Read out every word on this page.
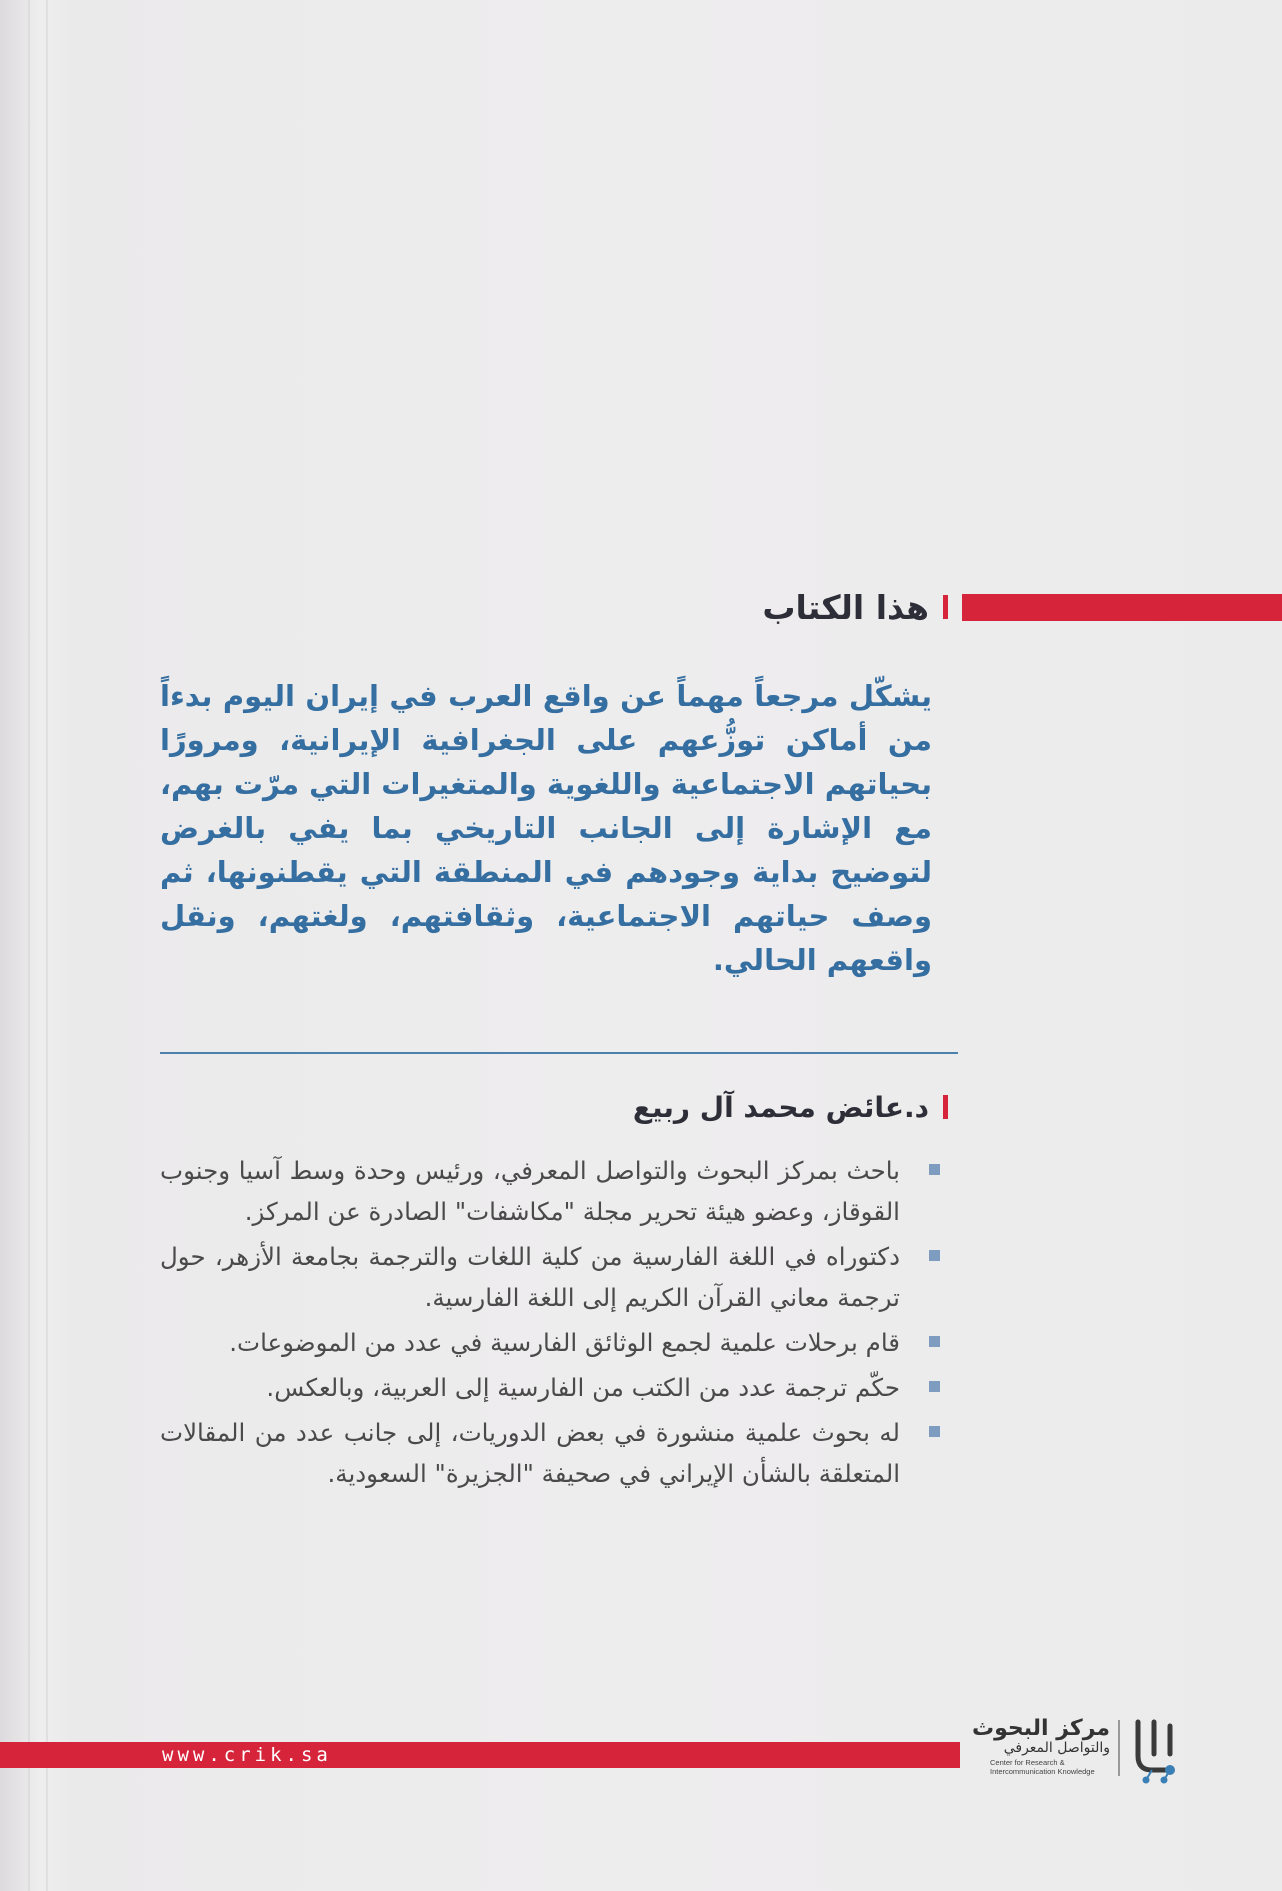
هذا الكتاب
يشكّل مرجعاً مهماً عن واقع العرب في إيران اليوم بدءاً من أماكن توزُّعهم على الجغرافية الإيرانية، ومرورًا بحياتهم الاجتماعية واللغوية والمتغيرات التي مرّت بهم، مع الإشارة إلى الجانب التاريخي بما يفي بالغرض لتوضيح بداية وجودهم في المنطقة التي يقطنونها، ثم وصف حياتهم الاجتماعية، وثقافتهم، ولغتهم، ونقل واقعهم الحالي.
د.عائض محمد آل ربيع
باحث بمركز البحوث والتواصل المعرفي، ورئيس وحدة وسط آسيا وجنوب القوقاز، وعضو هيئة تحرير مجلة "مكاشفات" الصادرة عن المركز.
دكتوراه في اللغة الفارسية من كلية اللغات والترجمة بجامعة الأزهر، حول ترجمة معاني القرآن الكريم إلى اللغة الفارسية.
قام برحلات علمية لجمع الوثائق الفارسية في عدد من الموضوعات.
حكّم ترجمة عدد من الكتب من الفارسية إلى العربية، وبالعكس.
له بحوث علمية منشورة في بعض الدوريات، إلى جانب عدد من المقالات المتعلقة بالشأن الإيراني في صحيفة "الجزيرة" السعودية.
www.crik.sa
مركز البحوث
والتواصل المعرفي
Center for Research & Intercommunication Knowledge
